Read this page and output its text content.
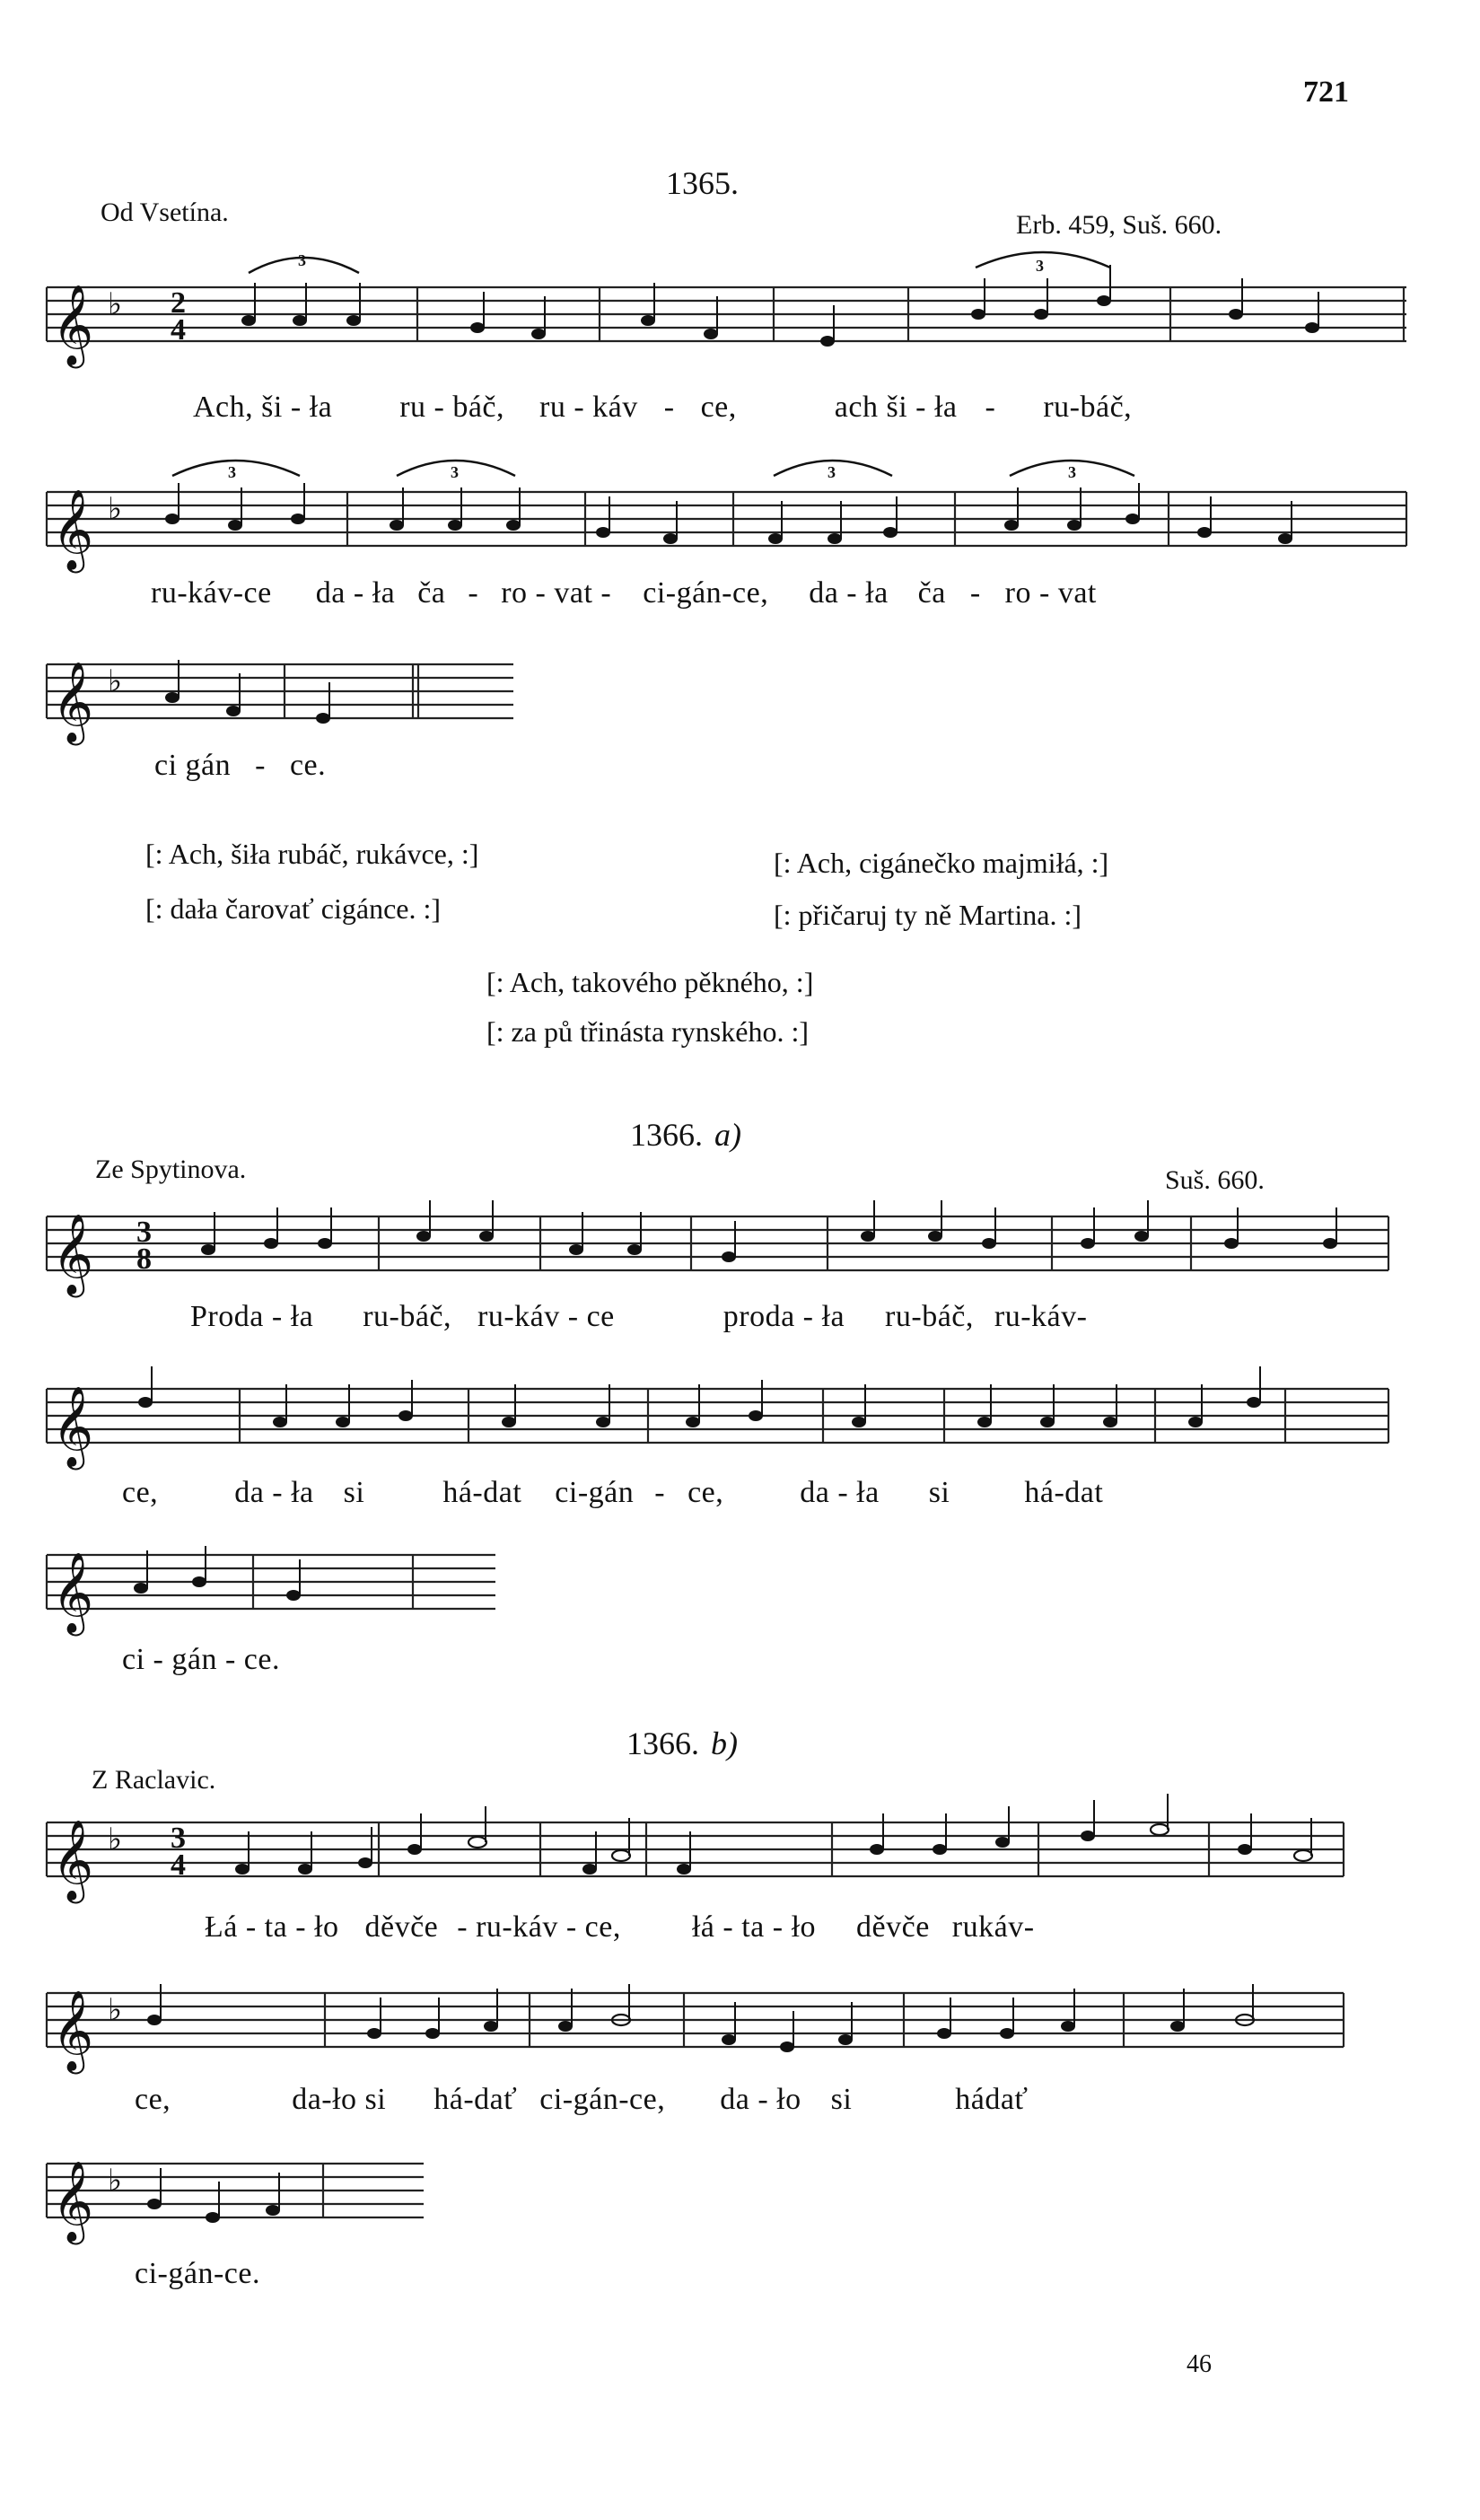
721
1365.
Od Vsetína.	Erb. 459, Suš. 660.
𝄞 ♭ 2
4
3	3
Ach, ši - ła ru - báč, ru - káv - ce,	ach ši - ła - ru-báč,
𝄞 ♭
3	3	3	3
ru-káv-ce da - ła ča - ro - vat - ci-gán-ce, da - ła ča - ro - vat
𝄞 ♭
ci gán - ce.
[: Ach, šiła rubáč, rukávce, :]
[: dała čarovať cigánce. :]
[: Ach, cigánečko majmiłá, :]
[: přičaruj ty ně Martina. :]
[: Ach, takového pěkného, :]
[: za pů třinásta rynského. :]
1366. a)
Ze Spytinova.	Suš. 660.
𝄞 3
8
Proda - ła ru-báč, ru-káv - ce	proda - ła ru-báč, ru-káv-
𝄞
ce,	da - ła si	há-dat ci-gán - ce,	da - ła si há-dat
𝄞
ci - gán - ce.
1366. b)
Z Raclavic.
𝄞 ♭ 3
4
Łá - ta - ło děvče - ru-káv - ce, łá - ta - ło děvče rukáv-
𝄞 ♭
ce,	da-ło si há-dať ci-gán-ce, da - ło si	hádať
𝄞 ♭
ci-gán-ce.
46
